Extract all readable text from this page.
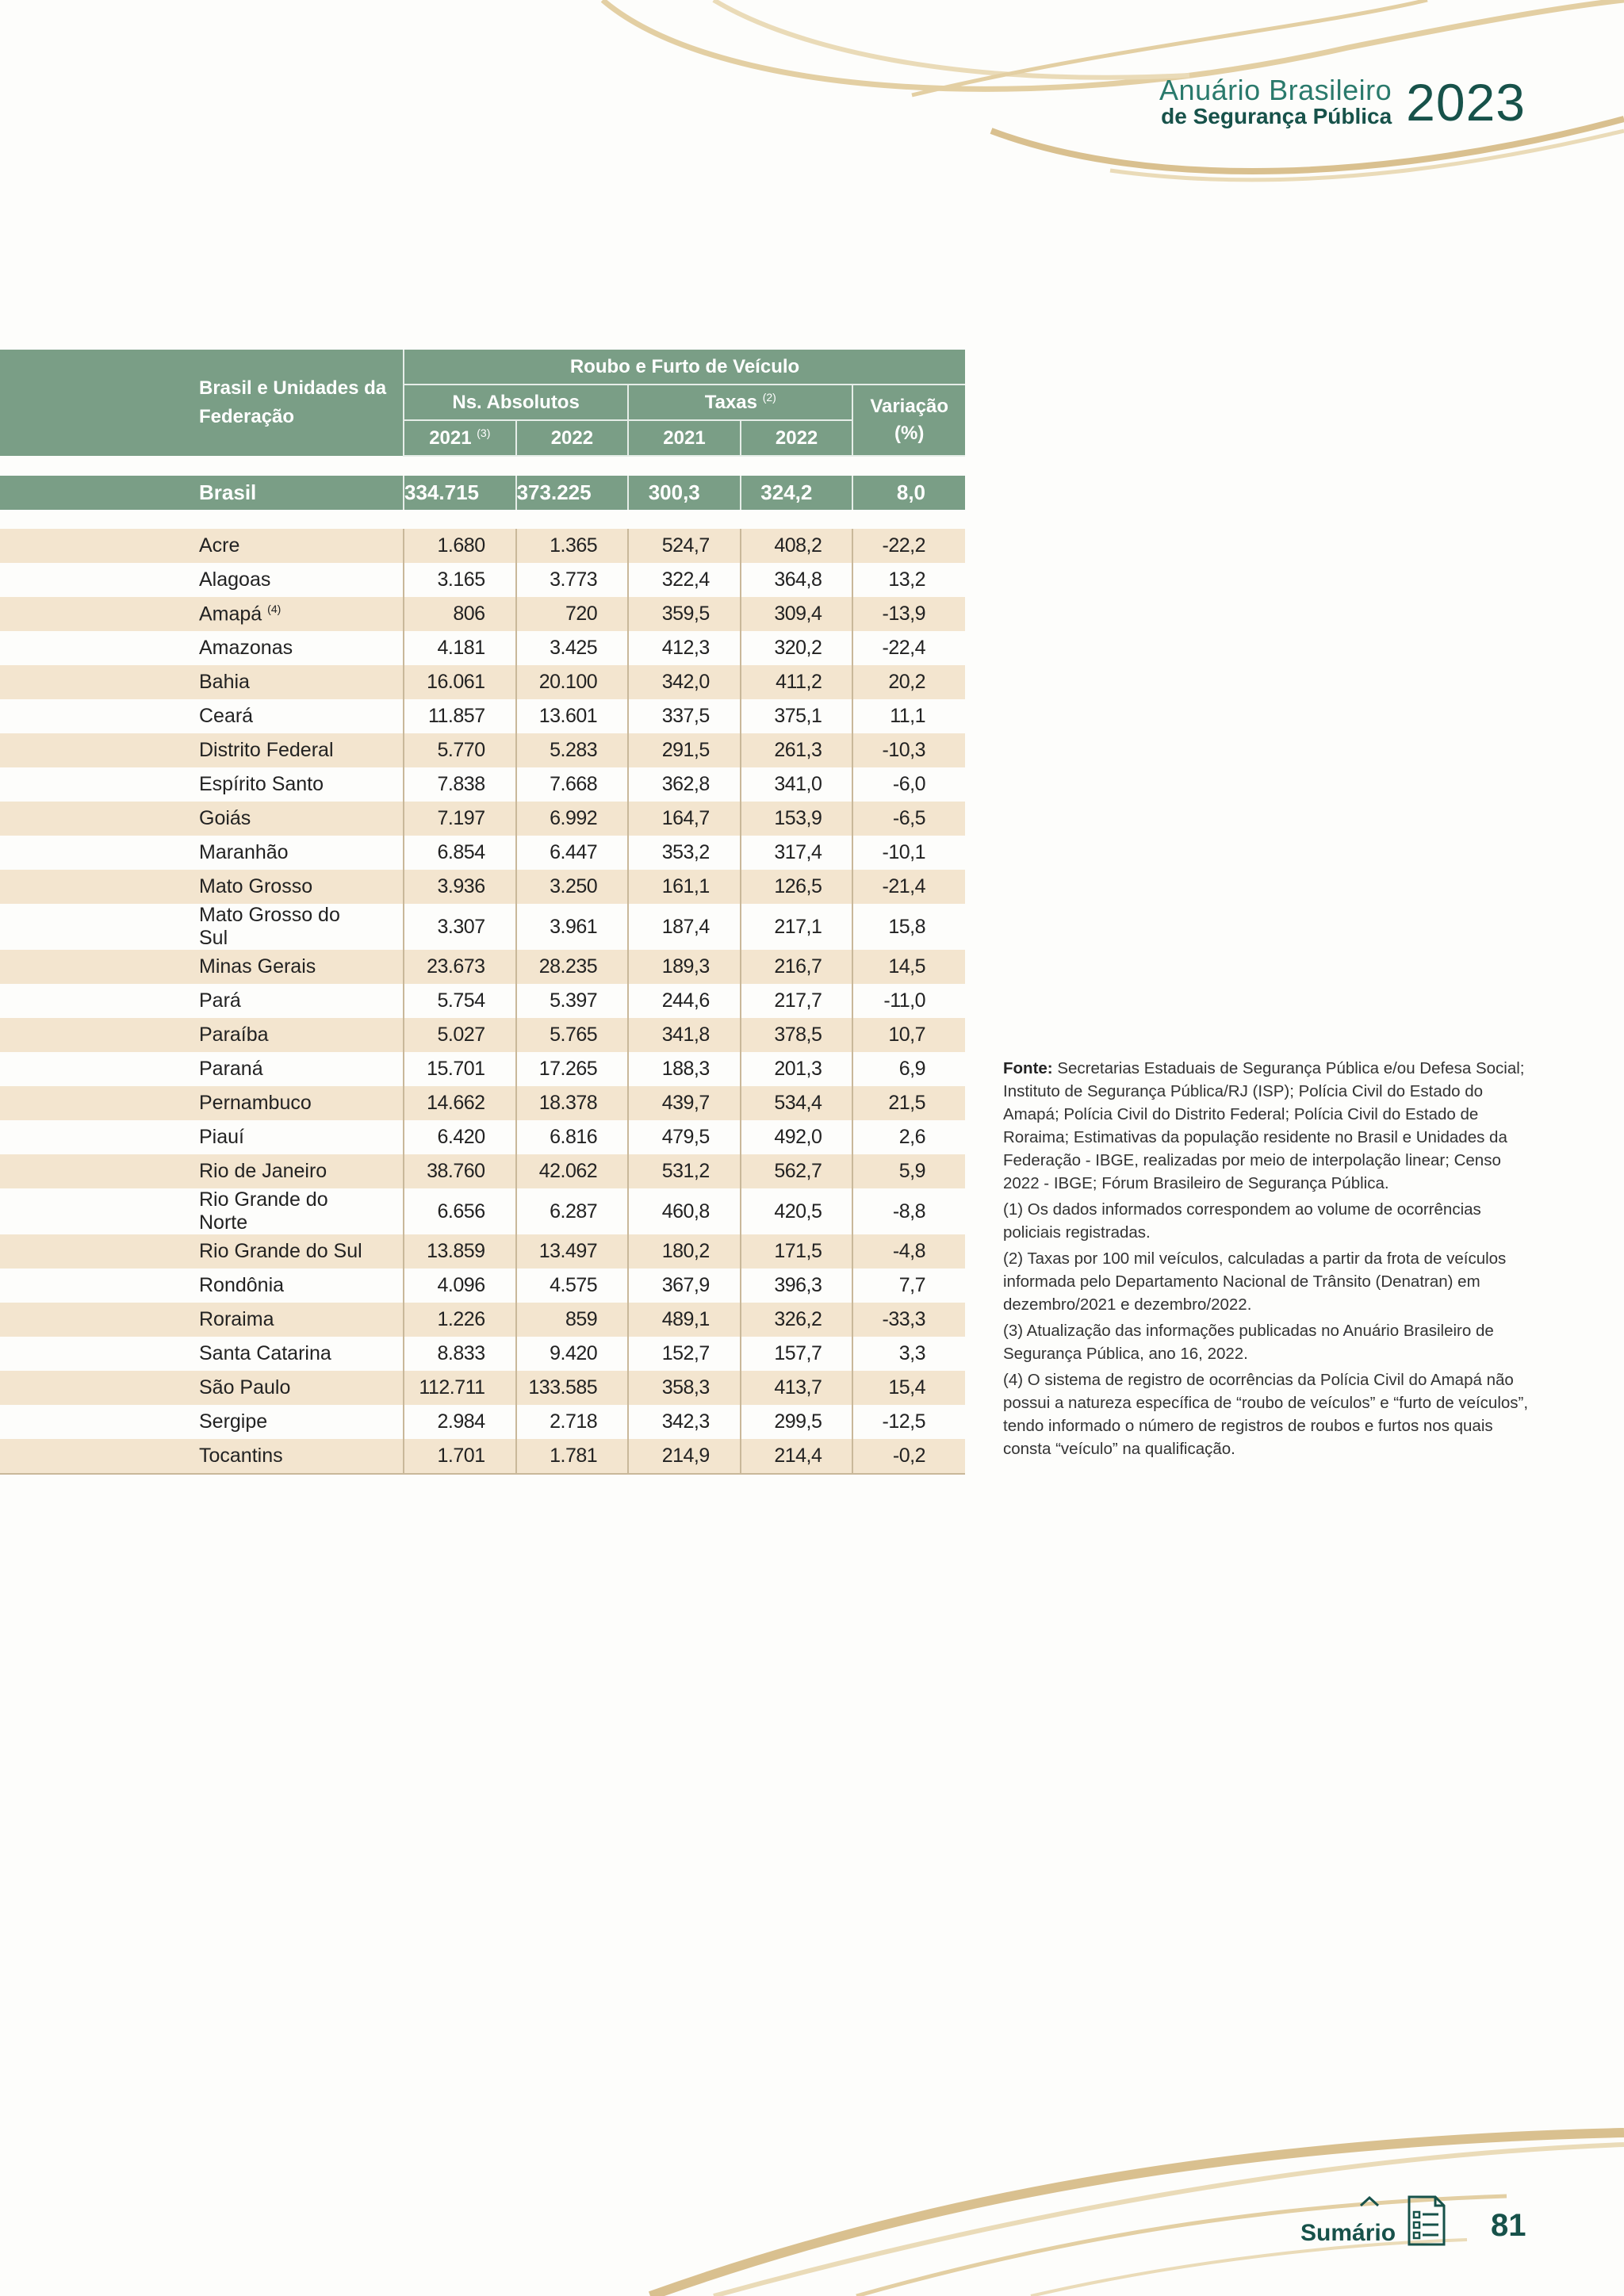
Anuário Brasileiro
de Segurança Pública 2023
Brasil e Unidades da Federação	Roubo e Furto de Veículo				
	Ns. Absolutos		Taxas $^{(2)}$		Variação (%)
	2021 $^{(3)}$	2022	2021	2022	

Brasil	334.715	373.225	300,3	324,2	8,0

Acre	1.680	1.365	524,7	408,2	-22,2
Alagoas	3.165	3.773	322,4	364,8	13,2
Amapá $^{(4)}$	806	720	359,5	309,4	-13,9
Amazonas	4.181	3.425	412,3	320,2	-22,4
Bahia	16.061	20.100	342,0	411,2	20,2
Ceará	11.857	13.601	337,5	375,1	11,1
Distrito Federal	5.770	5.283	291,5	261,3	-10,3
Espírito Santo	7.838	7.668	362,8	341,0	-6,0
Goiás	7.197	6.992	164,7	153,9	-6,5
Maranhão	6.854	6.447	353,2	317,4	-10,1
Mato Grosso	3.936	3.250	161,1	126,5	-21,4
Mato Grosso do Sul	3.307	3.961	187,4	217,1	15,8
Minas Gerais	23.673	28.235	189,3	216,7	14,5
Pará	5.754	5.397	244,6	217,7	-11,0
Paraíba	5.027	5.765	341,8	378,5	10,7
Paraná	15.701	17.265	188,3	201,3	6,9
Pernambuco	14.662	18.378	439,7	534,4	21,5
Piauí	6.420	6.816	479,5	492,0	2,6
Rio de Janeiro	38.760	42.062	531,2	562,7	5,9
Rio Grande do Norte	6.656	6.287	460,8	420,5	-8,8
Rio Grande do Sul	13.859	13.497	180,2	171,5	-4,8
Rondônia	4.096	4.575	367,9	396,3	7,7
Roraima	1.226	859	489,1	326,2	-33,3
Santa Catarina	8.833	9.420	152,7	157,7	3,3
São Paulo	112.711	133.585	358,3	413,7	15,4
Sergipe	2.984	2.718	342,3	299,5	-12,5
Tocantins	1.701	1.781	214,9	214,4	-0,2

Fonte: Secretarias Estaduais de Segurança Pública e/ou Defesa Social; Instituto de Segurança Pública/RJ (ISP); Polícia Civil do Estado do Amapá; Polícia Civil do Distrito Federal; Polícia Civil do Estado de Roraima; Estimativas da população residente no Brasil e Unidades da Federação - IBGE, realizadas por meio de interpolação linear; Censo 2022 - IBGE; Fórum Brasileiro de Segurança Pública.

(1) Os dados informados correspondem ao volume de ocorrências policiais registradas.

(2) Taxas por 100 mil veículos, calculadas a partir da frota de veículos informada pelo Departamento Nacional de Trânsito (Denatran) em dezembro/2021 e dezembro/2022.

(3) Atualização das informações publicadas no Anuário Brasileiro de Segurança Pública, ano 16, 2022.

(4) O sistema de registro de ocorrências da Polícia Civil do Amapá não possui a natureza específica de “roubo de veículos” e “furto de veículos”, tendo informado o número de registros de roubos e furtos nos quais consta “veículo” na qualificação.

Sumário	81
